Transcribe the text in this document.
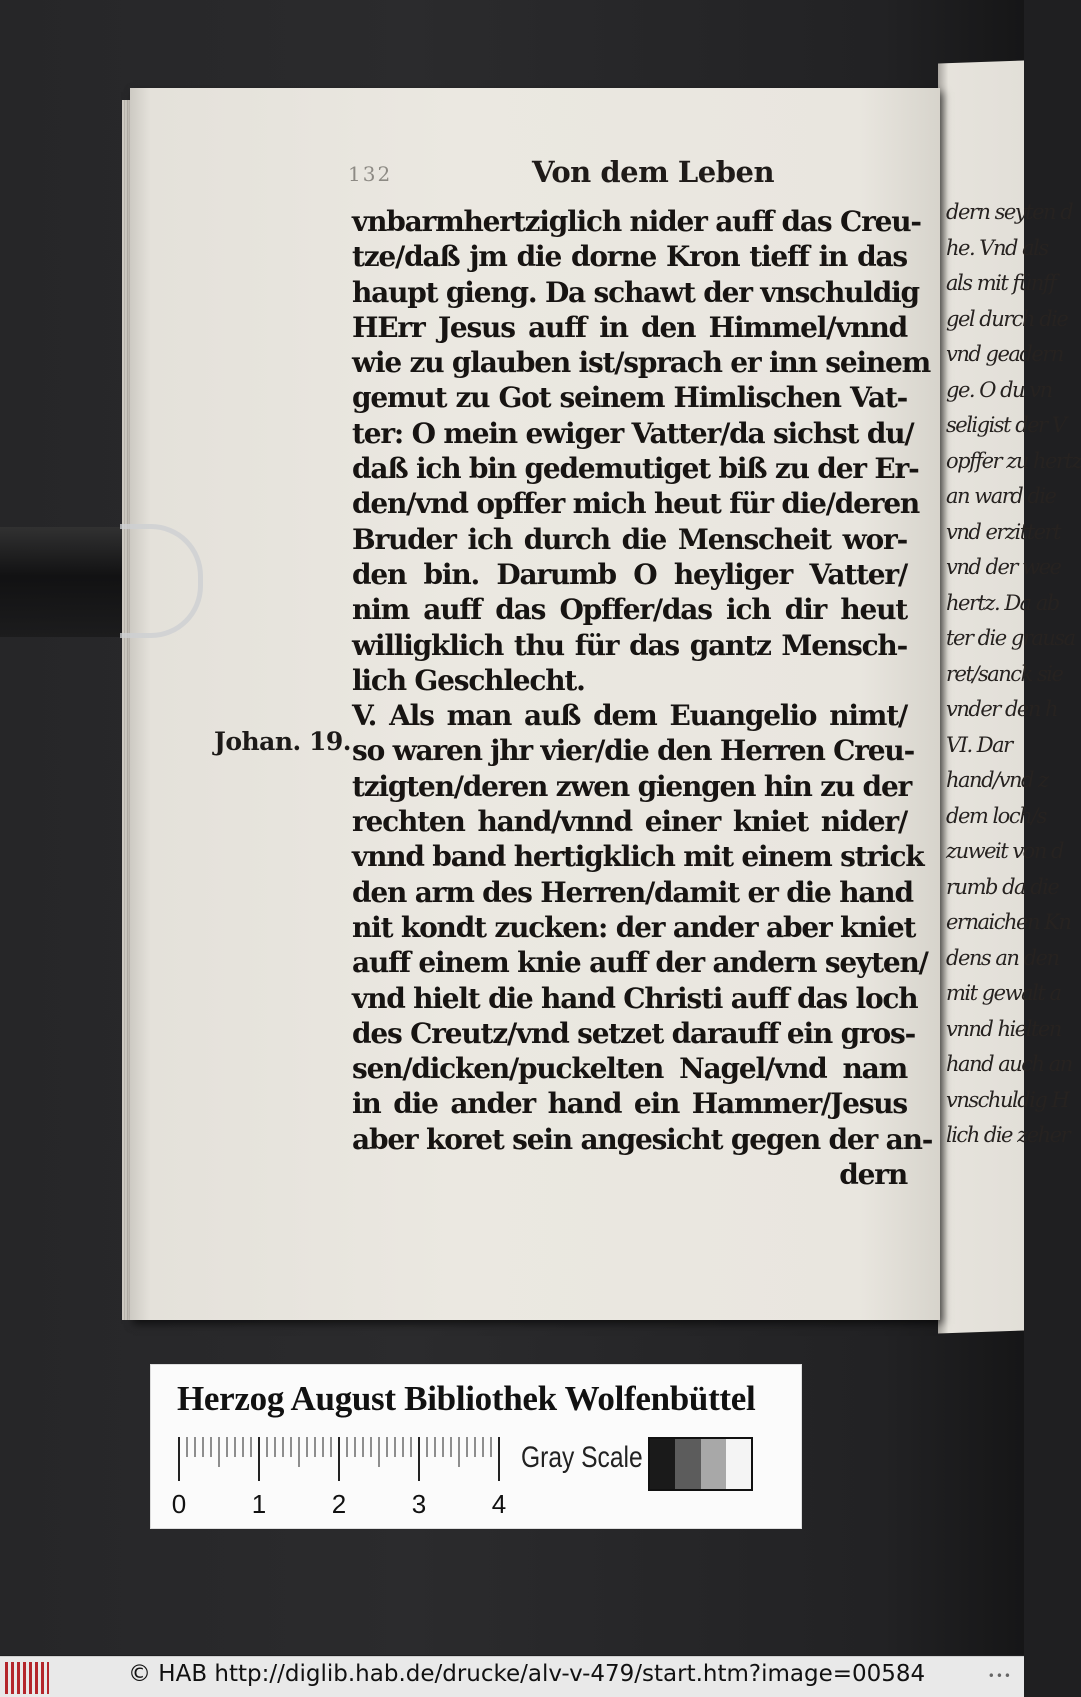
dern seyten d
he. Vnd als
als mit fünff
gel durch die
vnd geadern
ge. O du vn
seligist der V
opffer zu hertz
an ward die
vnd erzittert
vnd der wee
hertz. Da ab
ter die grausa
ret/sanck sie
vnder den h
VI. Dar
hand/vnd z
dem loch/s
zuweit von d
rumb da die
ernaichen Kn
dens an den
mit gewalt a
vnnd hielten
hand auch an
vnschuldig H
lich die zeher

132	Von dem Leben
Johan. 19.
vnbarmhertziglich nider auff das Creu-
tze/daß jm die dorne Kron tieff in das
haupt gieng. Da schawt der vnschuldig
HErr Jesus auff in den Himmel/vnnd
wie zu glauben ist/sprach er inn seinem
gemut zu Got seinem Himlischen Vat-
ter: O mein ewiger Vatter/da sichst du/
daß ich bin gedemutiget biß zu der Er-
den/vnd opffer mich heut für die/deren
Bruder ich durch die Menscheit wor-
den bin. Darumb O heyliger Vatter/
nim auff das Opffer/das ich dir heut
willigklich thu für das gantz Mensch-
lich Geschlecht.
V. Als man auß dem Euangelio nimt/
so waren jhr vier/die den Herren Creu-
tzigten/deren zwen giengen hin zu der
rechten hand/vnnd einer kniet nider/
vnnd band hertigklich mit einem strick
den arm des Herren/damit er die hand
nit kondt zucken: der ander aber kniet
auff einem knie auff der andern seyten/
vnd hielt die hand Christi auff das loch
des Creutz/vnd setzet darauff ein gros-
sen/dicken/puckelten Nagel/vnd nam
in die ander hand ein Hammer/Jesus
aber koret sein angesicht gegen der an-
dern
Herzog August Bibliothek Wolfenbüttel
0	1	2	3	4
Gray Scale
© HAB http://diglib.hab.de/drucke/alv-v-479/start.htm?image=00584	•••
